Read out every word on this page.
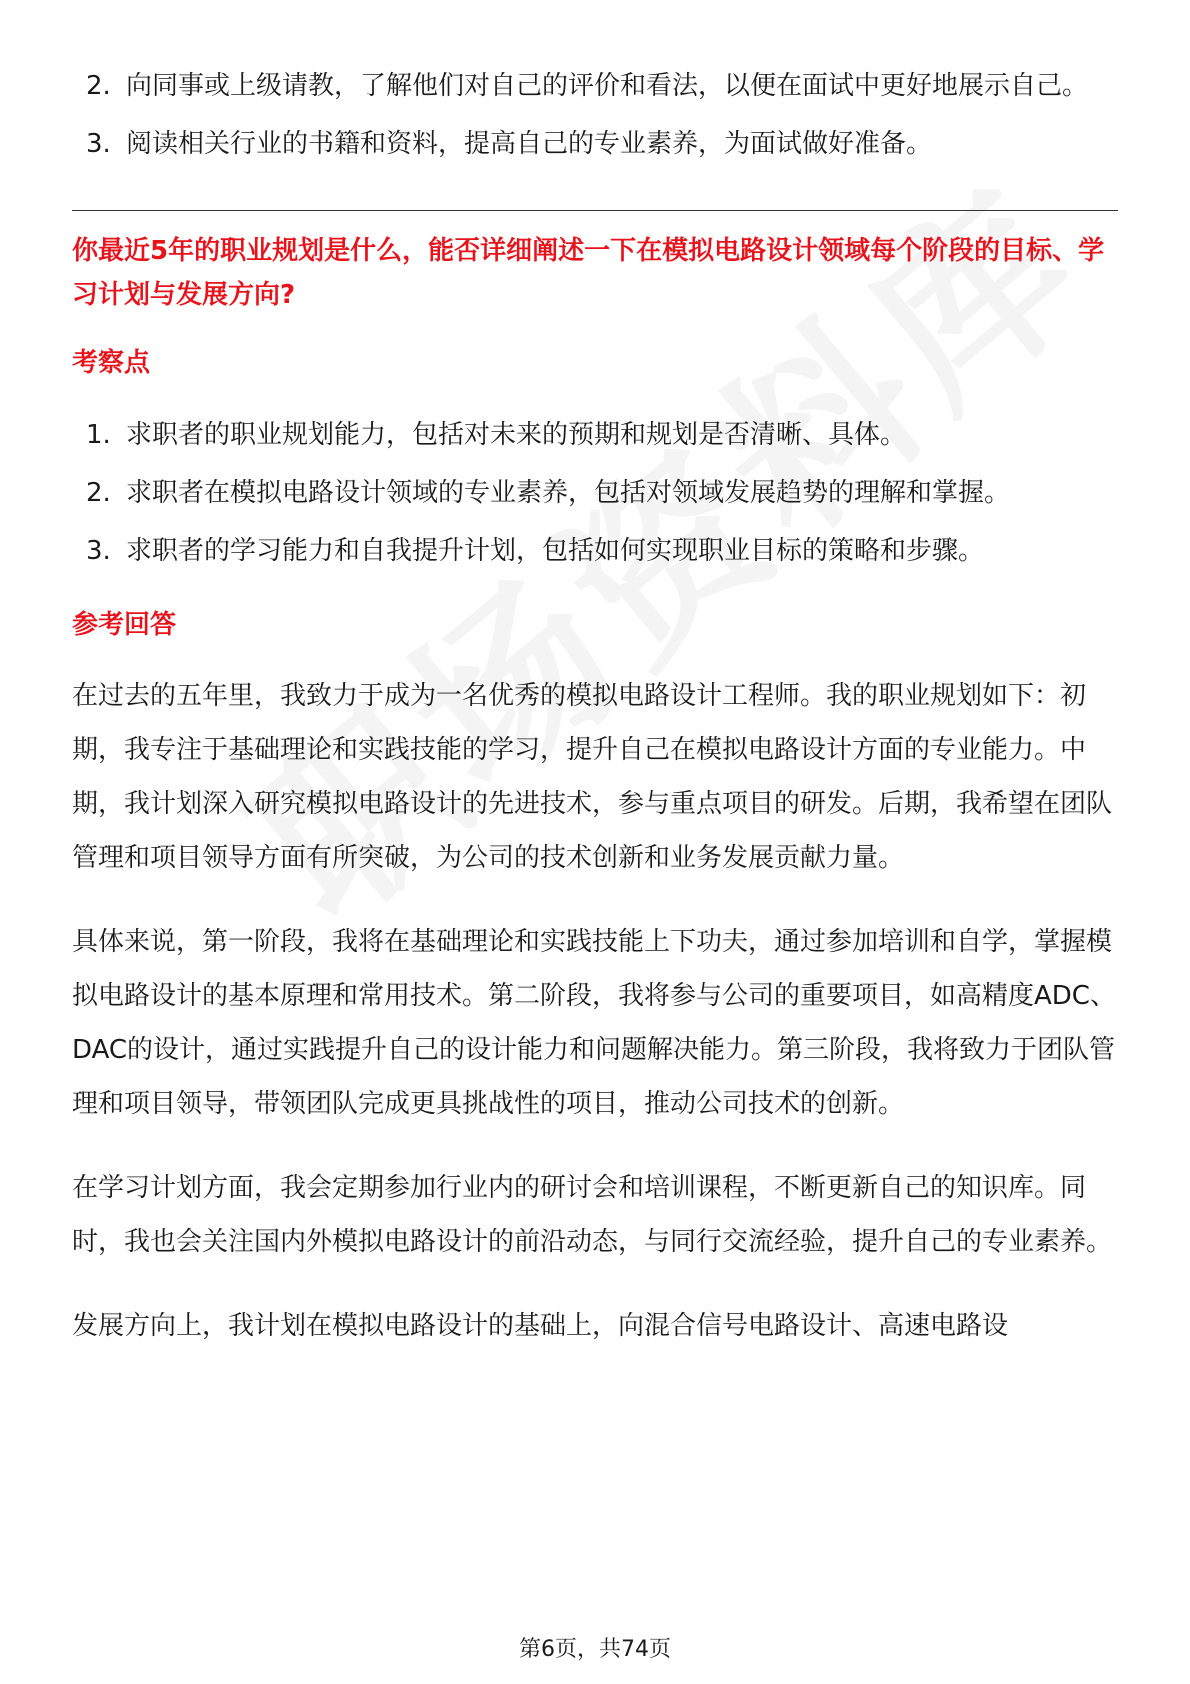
2. 向同事或上级请教，了解他们对自己的评价和看法，以便在面试中更好地展示自己。
3. 阅读相关行业的书籍和资料，提高自己的专业素养，为面试做好准备。

你最近5年的职业规划是什么，能否详细阐述一下在模拟电路设计领域每个阶段的目标、学习计划与发展方向?

考察点
1. 求职者的职业规划能力，包括对未来的预期和规划是否清晰、具体。
2. 求职者在模拟电路设计领域的专业素养，包括对领域发展趋势的理解和掌握。
3. 求职者的学习能力和自我提升计划，包括如何实现职业目标的策略和步骤。
参考回答

在过去的五年里，我致力于成为一名优秀的模拟电路设计工程师。我的职业规划如下：初期，我专注于基础理论和实践技能的学习，提升自己在模拟电路设计方面的专业能力。中期，我计划深入研究模拟电路设计的先进技术，参与重点项目的研发。后期，我希望在团队管理和项目领导方面有所突破，为公司的技术创新和业务发展贡献力量。

具体来说，第一阶段，我将在基础理论和实践技能上下功夫，通过参加培训和自学，掌握模拟电路设计的基本原理和常用技术。第二阶段，我将参与公司的重要项目，如高精度ADC、DAC的设计，通过实践提升自己的设计能力和问题解决能力。第三阶段，我将致力于团队管理和项目领导，带领团队完成更具挑战性的项目，推动公司技术的创新。

在学习计划方面，我会定期参加行业内的研讨会和培训课程，不断更新自己的知识库。同时，我也会关注国内外模拟电路设计的前沿动态，与同行交流经验，提升自己的专业素养。

发展方向上，我计划在模拟电路设计的基础上，向混合信号电路设计、高速电路设

第6页，共74页
